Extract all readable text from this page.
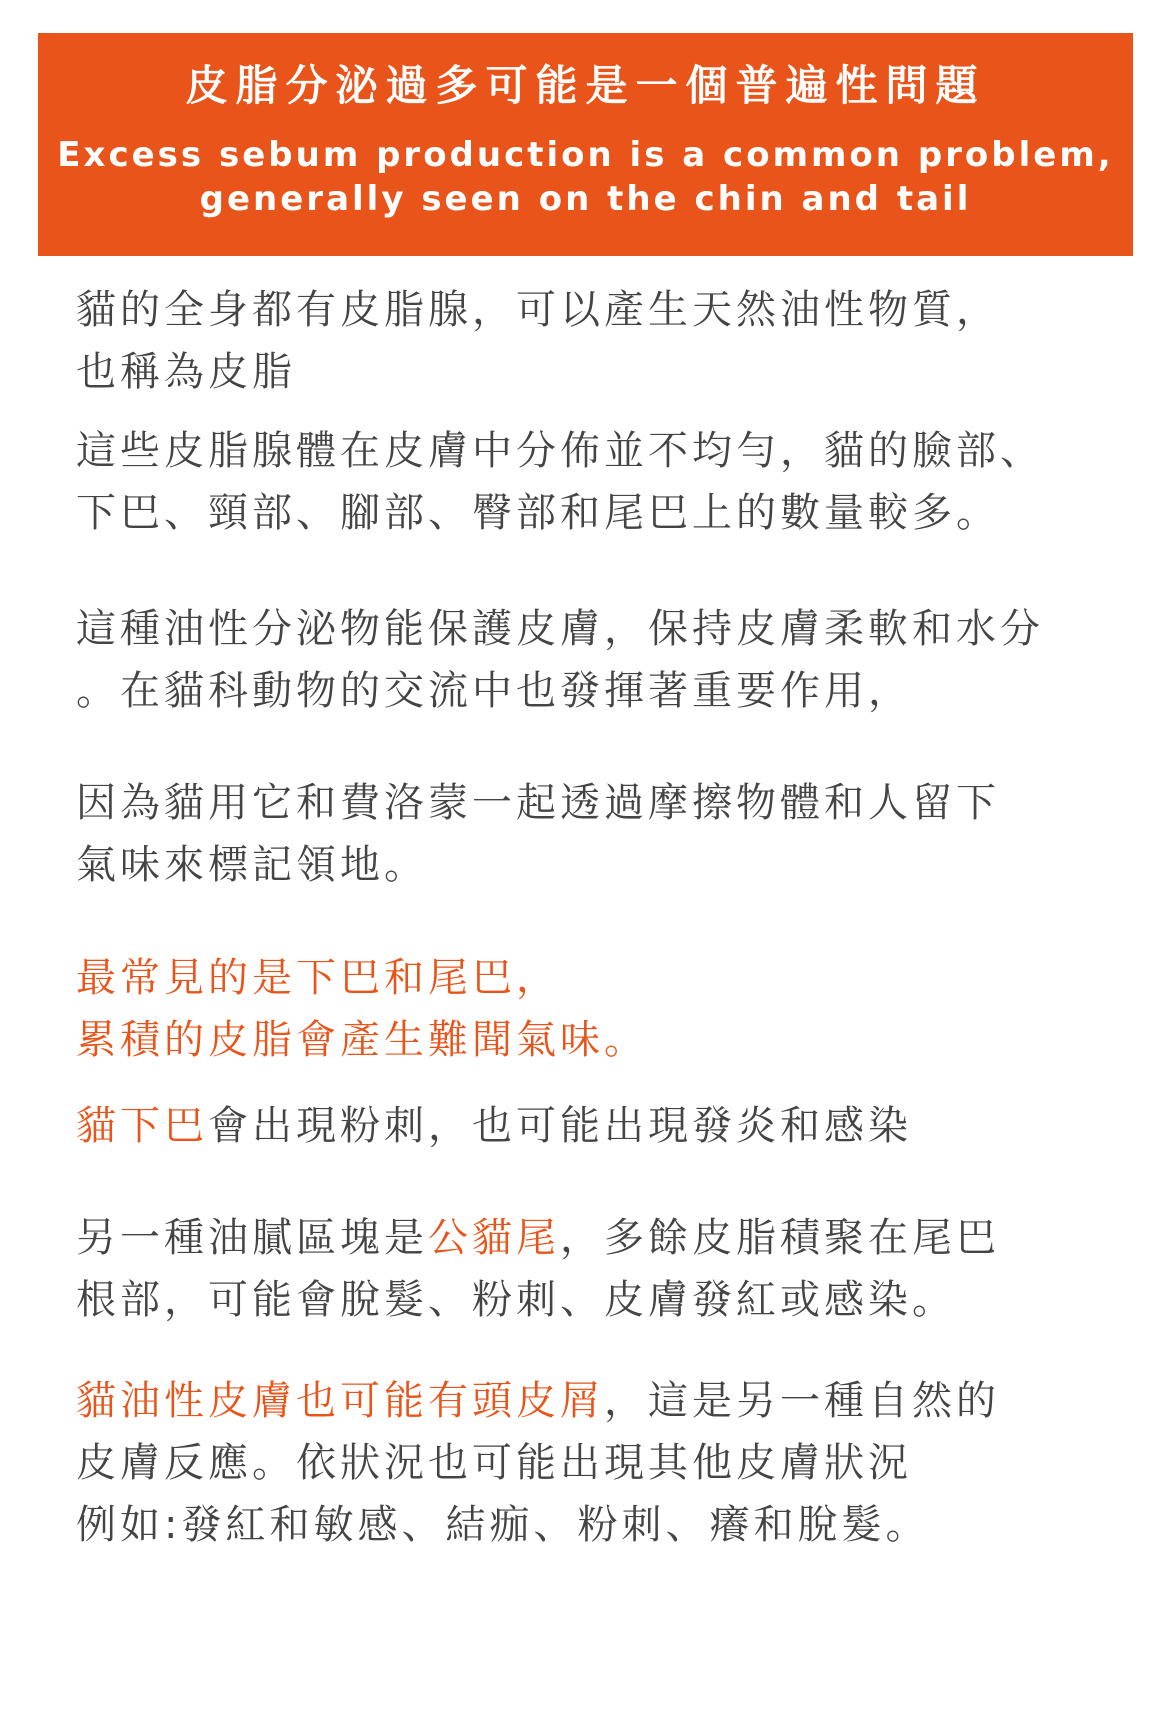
皮脂分泌過多可能是一個普遍性問題
Excess sebum production is a common problem,
generally seen on the chin and tail
貓的全身都有皮脂腺，可以產生天然油性物質，
也稱為皮脂
這些皮脂腺體在皮膚中分佈並不均勻，貓的臉部、
下巴、頸部、腳部、臀部和尾巴上的數量較多。
這種油性分泌物能保護皮膚，保持皮膚柔軟和水分
。在貓科動物的交流中也發揮著重要作用，
因為貓用它和費洛蒙一起透過摩擦物體和人留下
氣味來標記領地。
最常見的是下巴和尾巴，
累積的皮脂會產生難聞氣味。
貓下巴會出現粉刺，也可能出現發炎和感染
另一種油膩區塊是公貓尾，多餘皮脂積聚在尾巴
根部，可能會脫髮、粉刺、皮膚發紅或感染。
貓油性皮膚也可能有頭皮屑，這是另一種自然的
皮膚反應。依狀況也可能出現其他皮膚狀況
例如:發紅和敏感、結痂、粉刺、癢和脫髮。
